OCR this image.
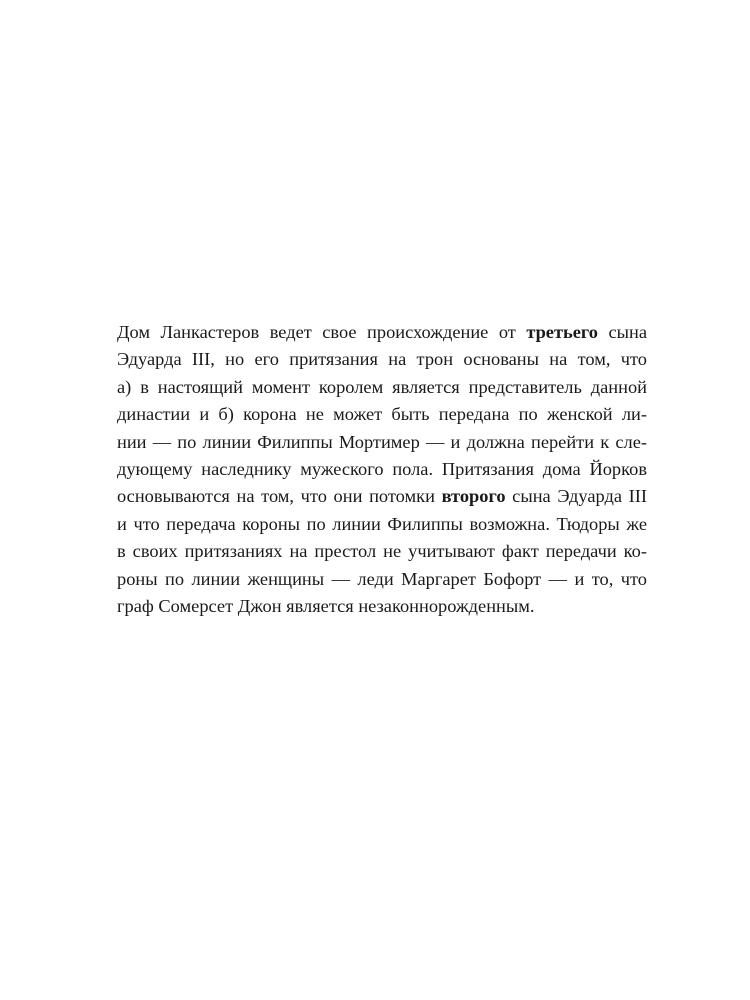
Дом Ланкастеров ведет свое происхождение от третьего сына
Эдуарда III, но его притязания на трон основаны на том, что
а) в настоящий момент королем является представитель данной
династии и б) корона не может быть передана по женской ли-
нии — по линии Филиппы Мортимер — и должна перейти к сле-
дующему наследнику мужеского пола. Притязания дома Йорков
основываются на том, что они потомки второго сына Эдуарда III
и что передача короны по линии Филиппы возможна. Тюдоры же
в своих притязаниях на престол не учитывают факт передачи ко-
роны по линии женщины — леди Маргарет Бофорт — и то, что
граф Сомерсет Джон является незаконнорожденным.
